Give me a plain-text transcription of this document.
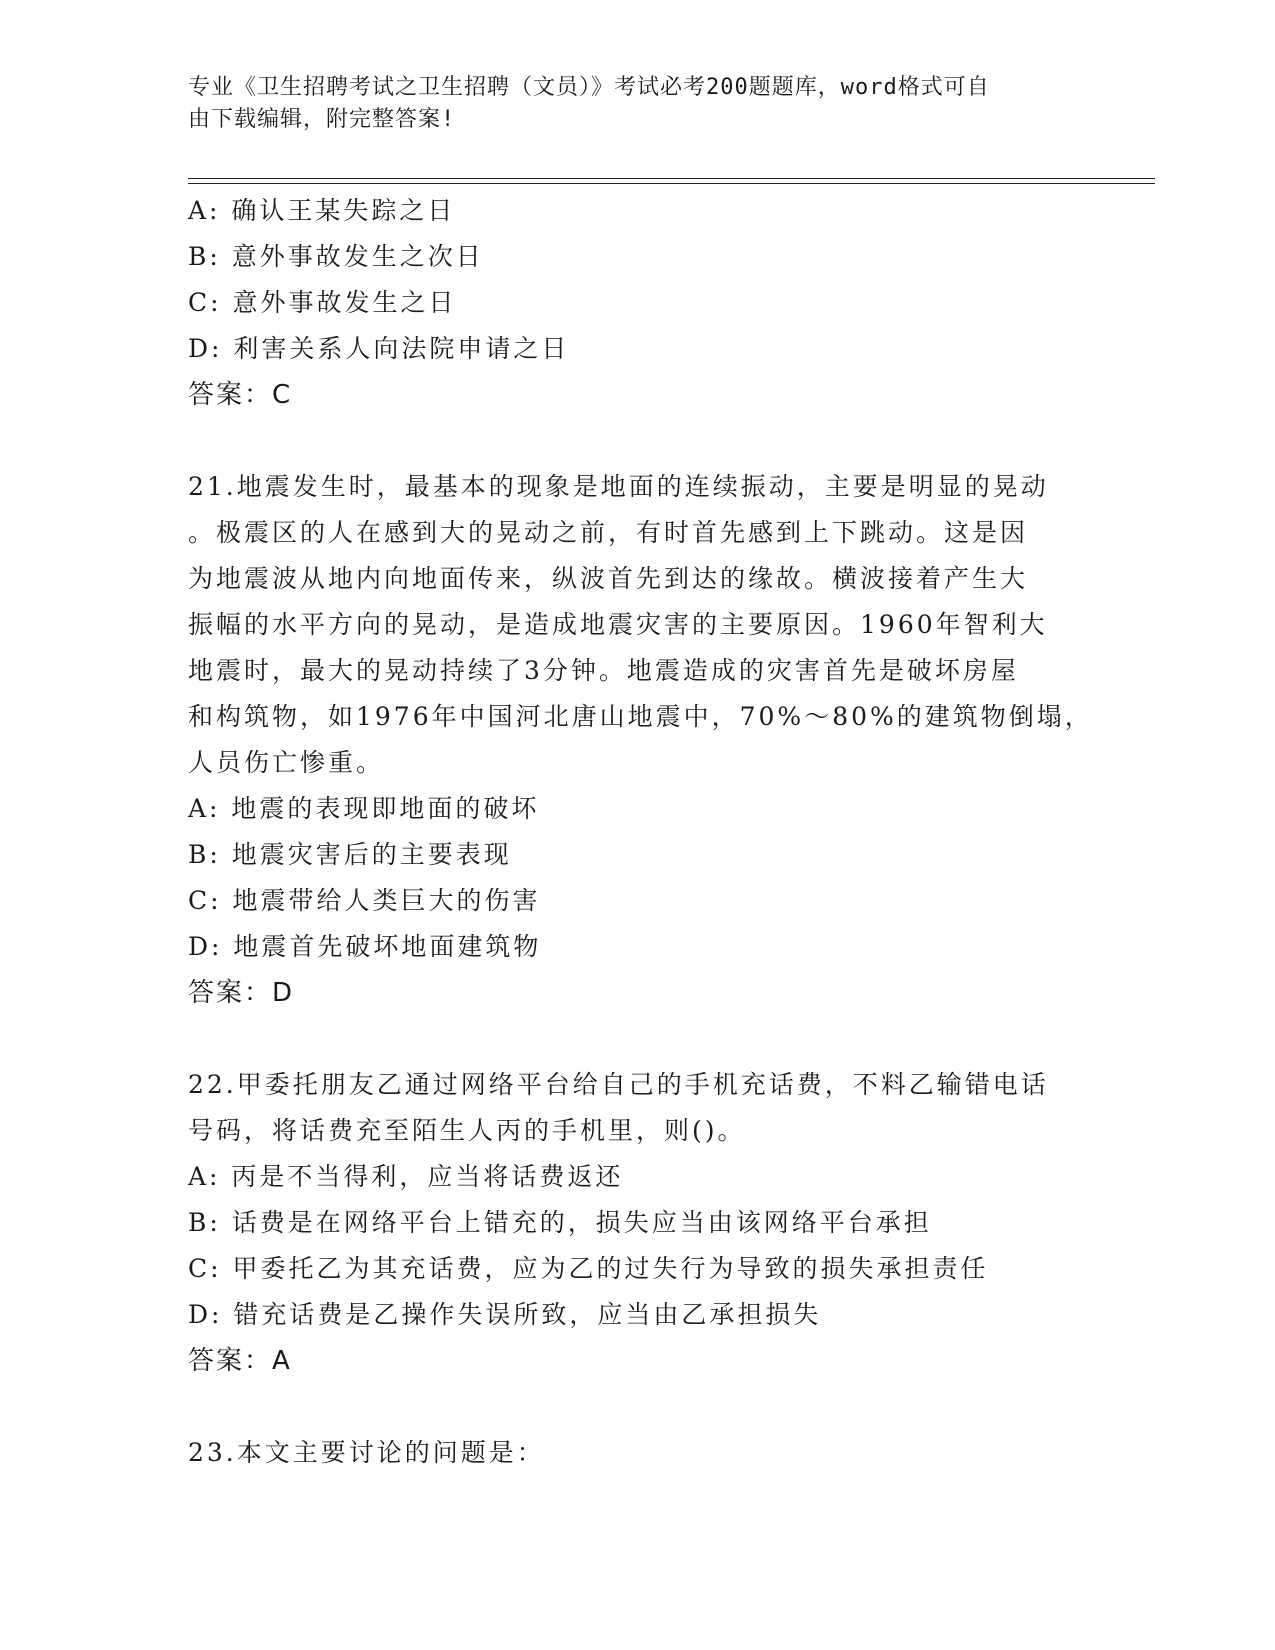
专业《卫生招聘考试之卫生招聘（文员）》考试必考200题题库，word格式可自
由下载编辑，附完整答案!
A: 确认王某失踪之日
B: 意外事故发生之次日
C: 意外事故发生之日
D: 利害关系人向法院申请之日
答案：C
21.地震发生时，最基本的现象是地面的连续振动，主要是明显的晃动
。极震区的人在感到大的晃动之前，有时首先感到上下跳动。这是因
为地震波从地内向地面传来，纵波首先到达的缘故。横波接着产生大
振幅的水平方向的晃动，是造成地震灾害的主要原因。1960年智利大
地震时，最大的晃动持续了3分钟。地震造成的灾害首先是破坏房屋
和构筑物，如1976年中国河北唐山地震中，70%～80%的建筑物倒塌，
人员伤亡惨重。
A: 地震的表现即地面的破坏
B: 地震灾害后的主要表现
C: 地震带给人类巨大的伤害
D: 地震首先破坏地面建筑物
答案：D
22.甲委托朋友乙通过网络平台给自己的手机充话费，不料乙输错电话
号码，将话费充至陌生人丙的手机里，则()。
A: 丙是不当得利，应当将话费返还
B: 话费是在网络平台上错充的，损失应当由该网络平台承担
C: 甲委托乙为其充话费，应为乙的过失行为导致的损失承担责任
D: 错充话费是乙操作失误所致，应当由乙承担损失
答案：A
23.本文主要讨论的问题是：
